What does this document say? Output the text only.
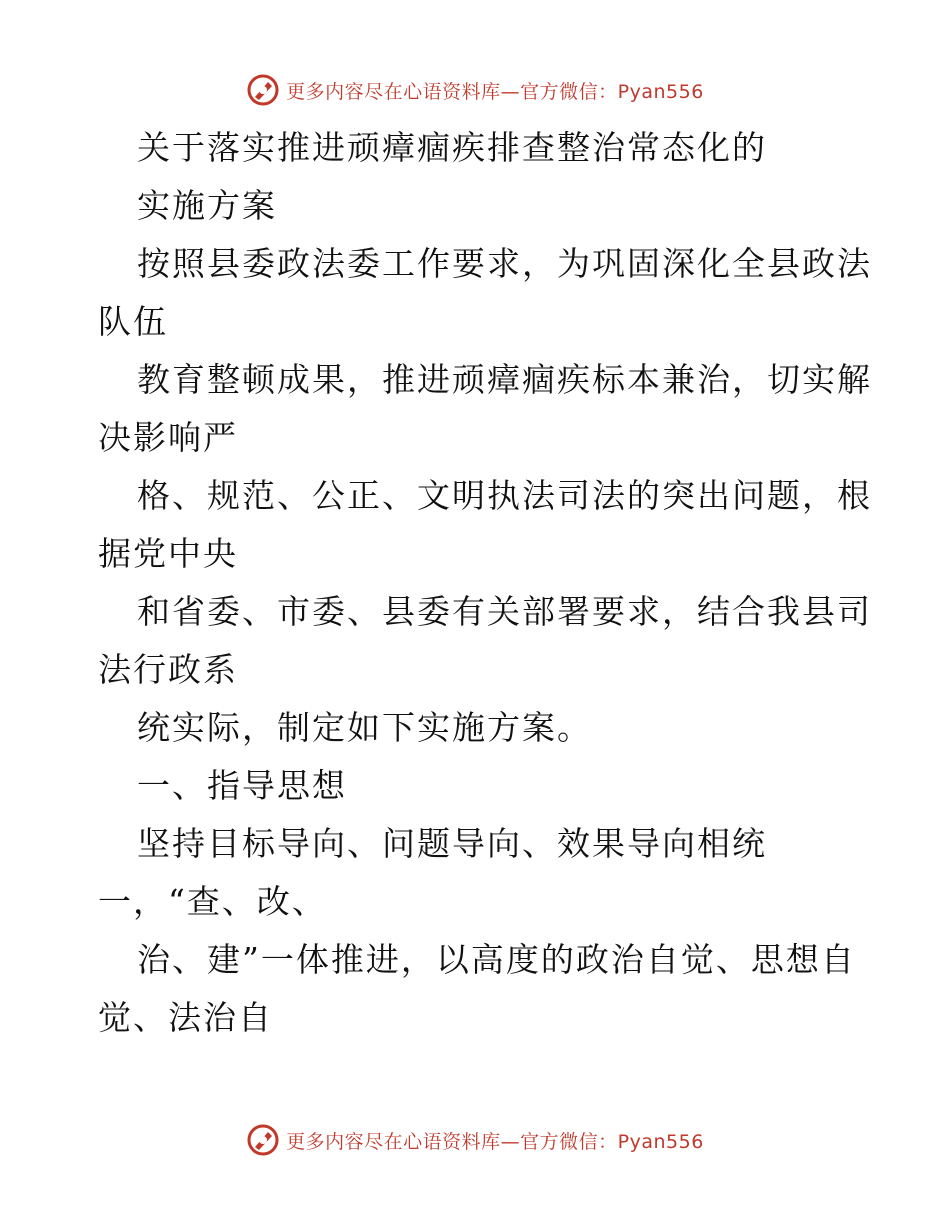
更多内容尽在心语资料库—官方微信：Pyan556
关于落实推进顽瘴痼疾排查整治常态化的
实施方案
按照县委政法委工作要求，为巩固深化全县政法
队伍
教育整顿成果，推进顽瘴痼疾标本兼治，切实解
决影响严
格、规范、公正、文明执法司法的突出问题，根
据党中央
和省委、市委、县委有关部署要求，结合我县司
法行政系
统实际，制定如下实施方案。
一、指导思想
坚持目标导向、问题导向、效果导向相统
一，“查、改、
治、建”一体推进，以高度的政治自觉、思想自
觉、法治自
更多内容尽在心语资料库—官方微信：Pyan556
